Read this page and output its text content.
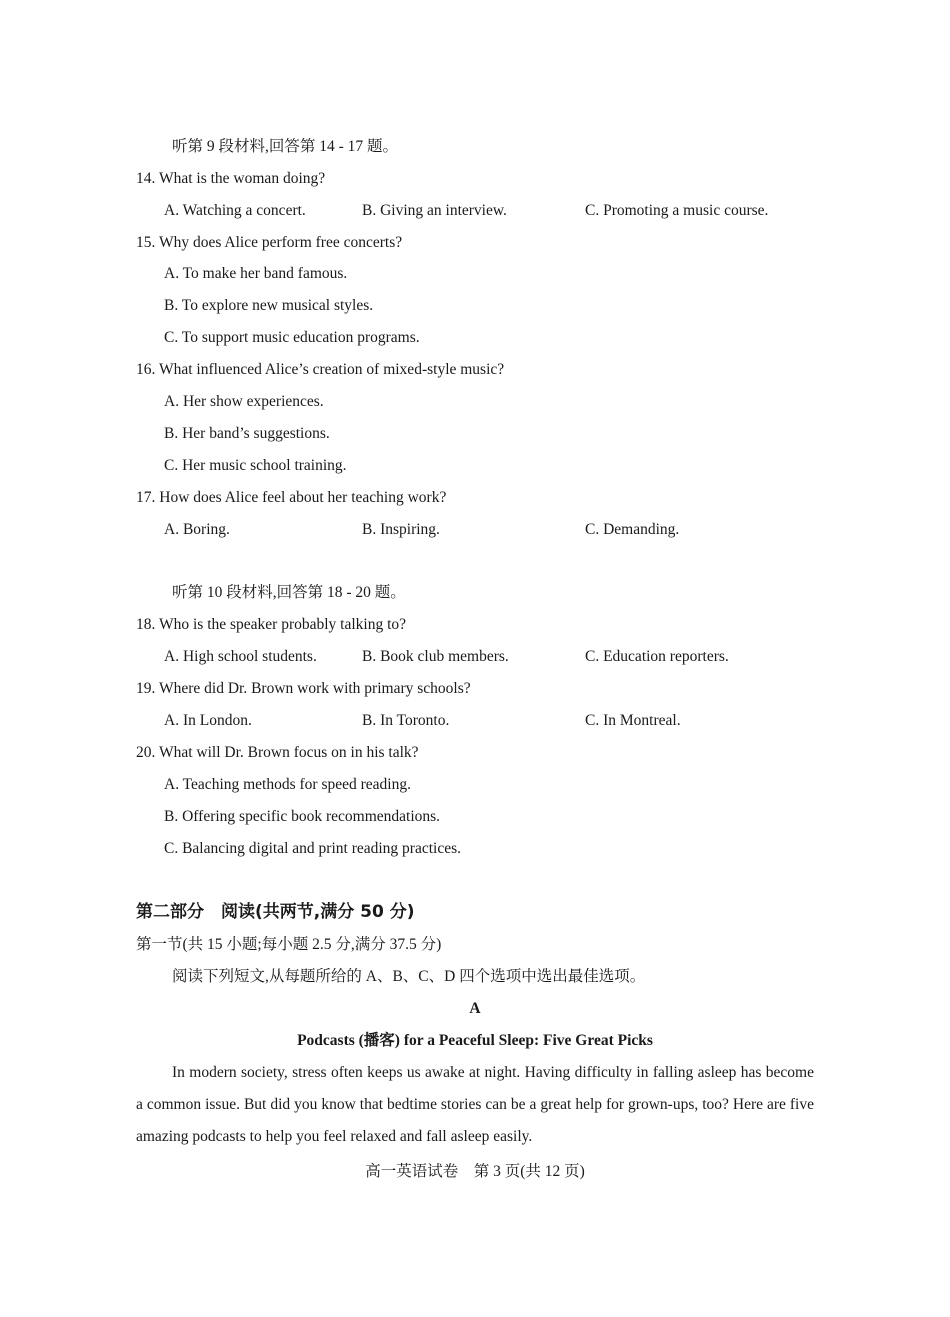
听第 9 段材料,回答第 14 - 17 题。
14. What is the woman doing?
A. Watching a concert.	B. Giving an interview.	C. Promoting a music course.
15. Why does Alice perform free concerts?
A. To make her band famous.
B. To explore new musical styles.
C. To support music education programs.
16. What influenced Alice’s creation of mixed-style music?
A. Her show experiences.
B. Her band’s suggestions.
C. Her music school training.
17. How does Alice feel about her teaching work?
A. Boring.	B. Inspiring.	C. Demanding.
听第 10 段材料,回答第 18 - 20 题。
18. Who is the speaker probably talking to?
A. High school students.	B. Book club members.	C. Education reporters.
19. Where did Dr. Brown work with primary schools?
A. In London.	B. In Toronto.	C. In Montreal.
20. What will Dr. Brown focus on in his talk?
A. Teaching methods for speed reading.
B. Offering specific book recommendations.
C. Balancing digital and print reading practices.
第二部分　阅读(共两节,满分 50 分)
第一节(共 15 小题;每小题 2.5 分,满分 37.5 分)
阅读下列短文,从每题所给的 A、B、C、D 四个选项中选出最佳选项。
A
Podcasts (播客) for a Peaceful Sleep: Five Great Picks
In modern society, stress often keeps us awake at night. Having difficulty in falling asleep has become a common issue. But did you know that bedtime stories can be a great help for grown-ups, too? Here are five amazing podcasts to help you feel relaxed and fall asleep easily.
高一英语试卷　第 3 页(共 12 页)
